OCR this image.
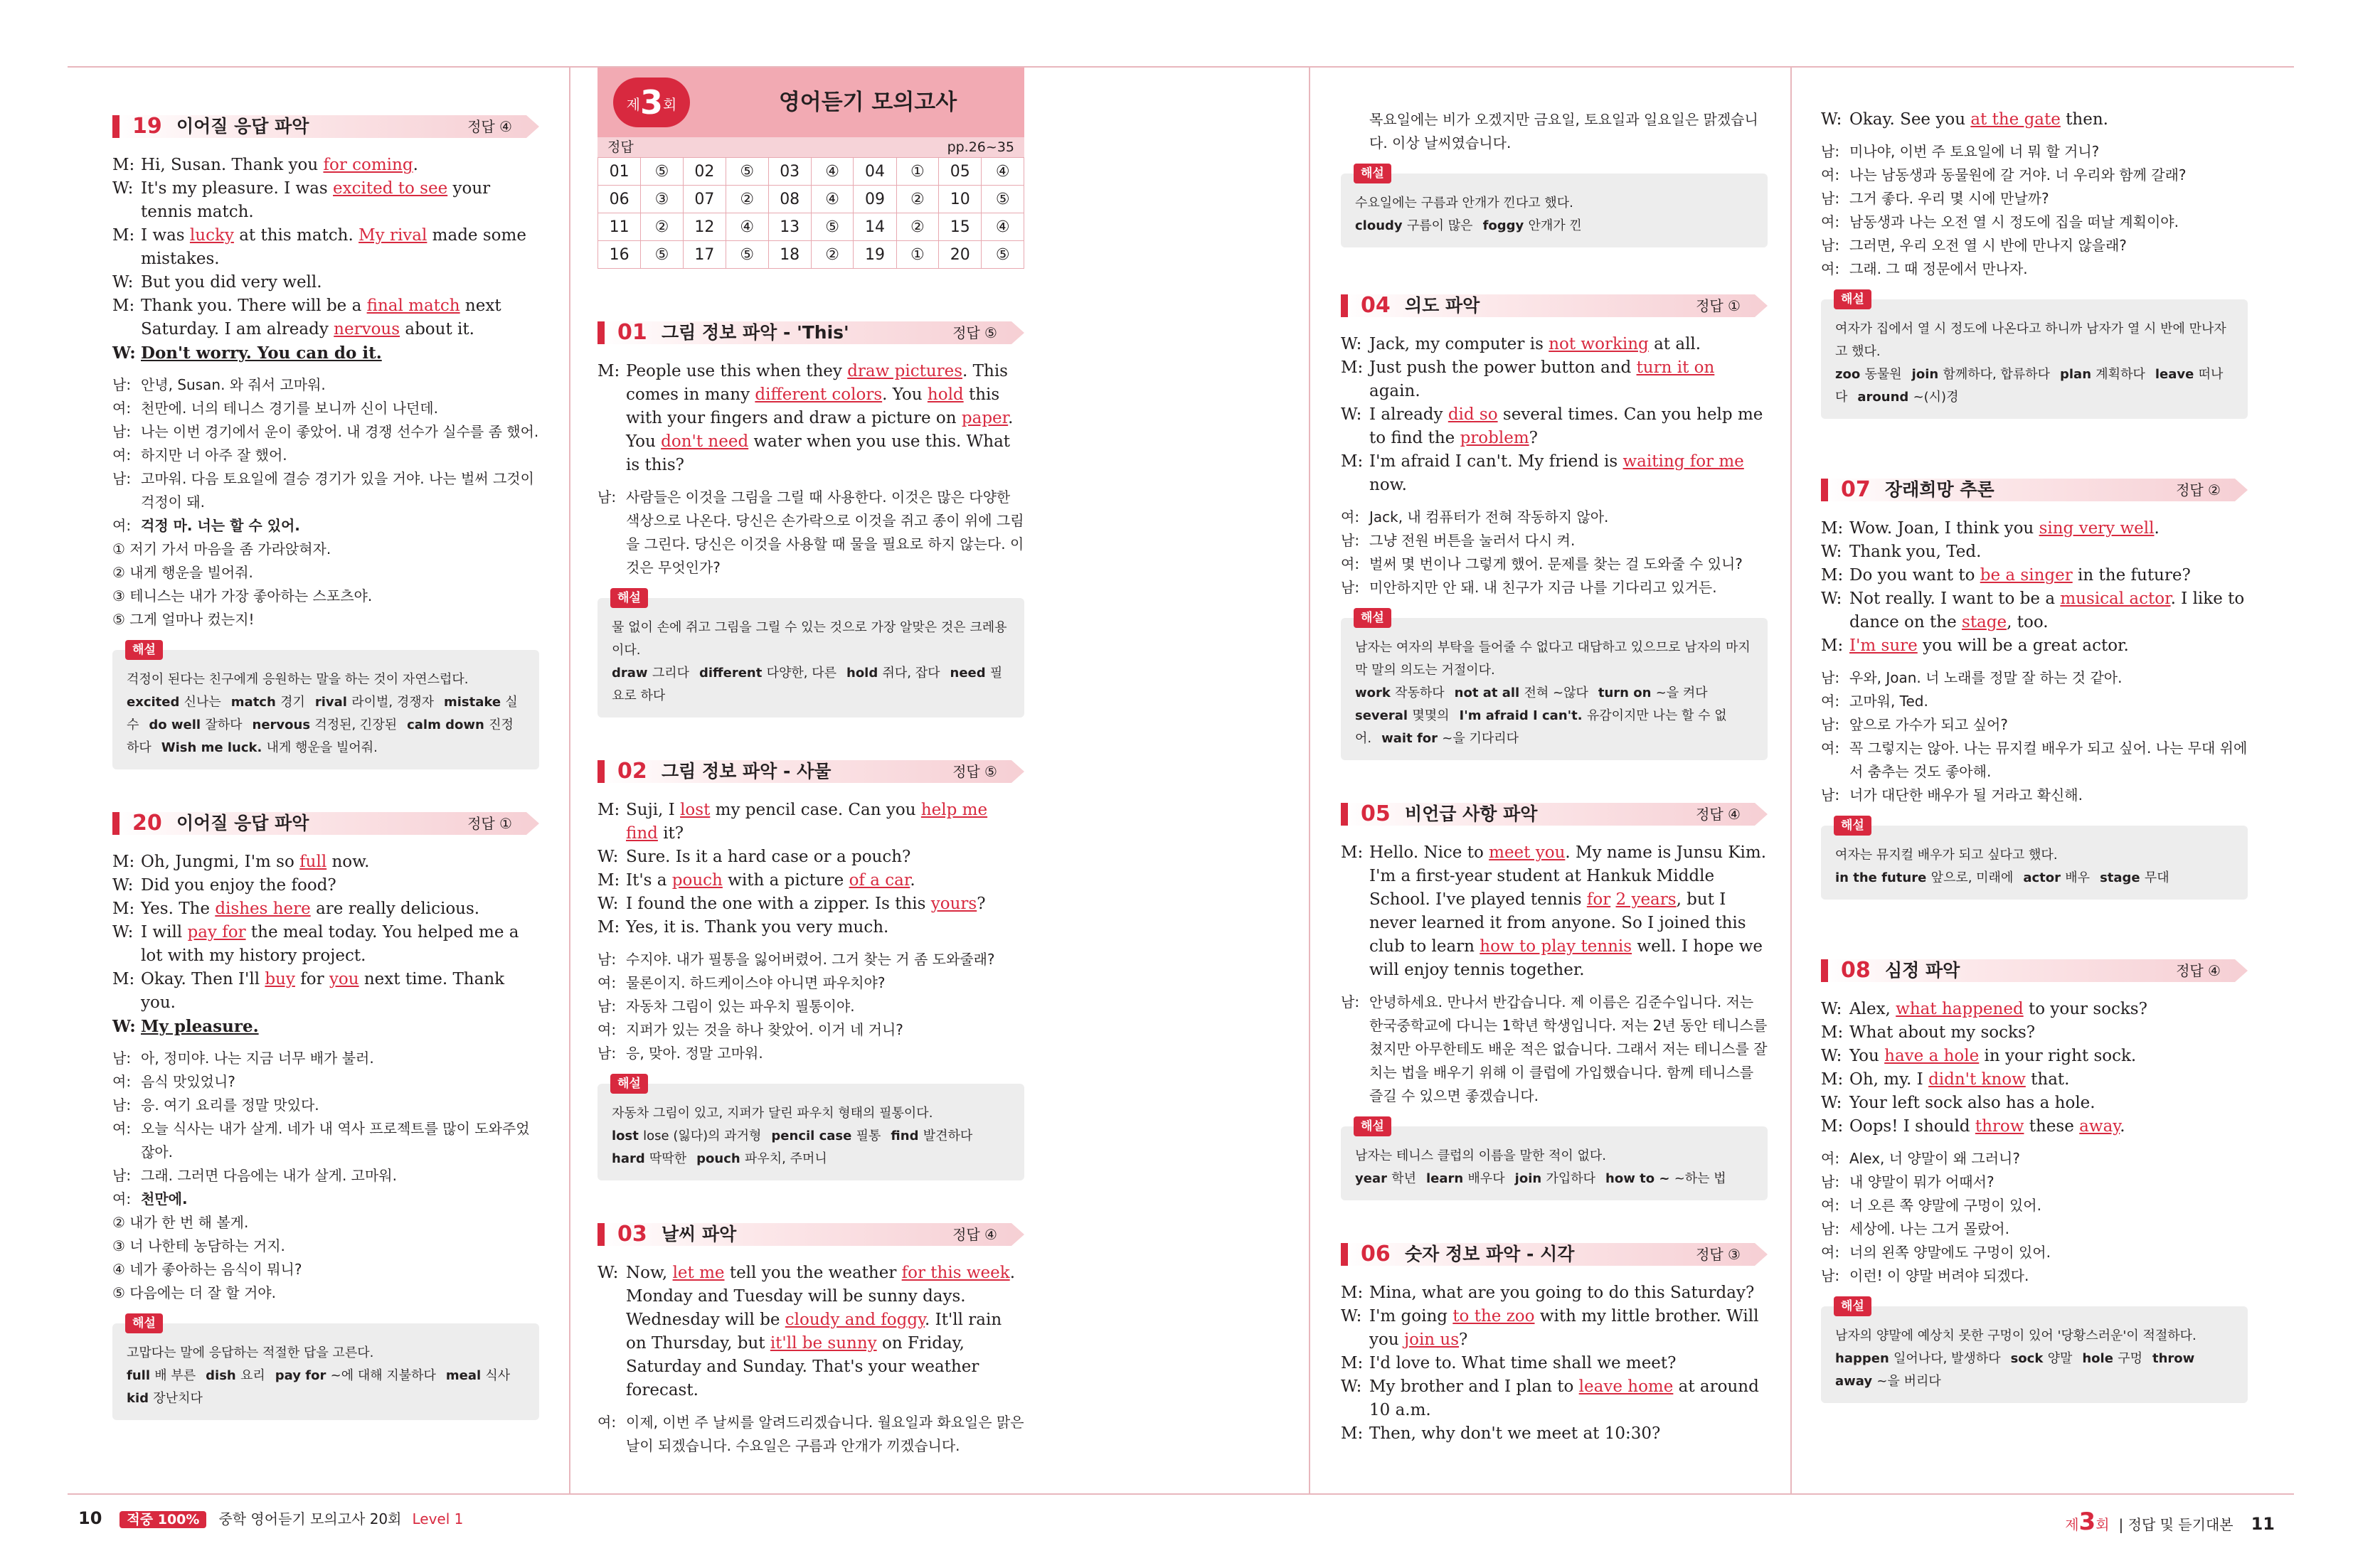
19 이어질 응답 파악	정답 ④

M: Hi, Susan. Thank you for coming.

W: It's my pleasure. I was excited to see your tennis match.

M: I was lucky at this match. My rival made some mistakes.

W: But you did very well.

M: Thank you. There will be a final match next Saturday. I am already nervous about it.

W: Don't worry. You can do it.

남: 안녕, Susan. 와 줘서 고마워.

여: 천만에. 너의 테니스 경기를 보니까 신이 나던데.

남: 나는 이번 경기에서 운이 좋았어. 내 경쟁 선수가 실수를 좀 했어.

여: 하지만 너 아주 잘 했어.

남: 고마워. 다음 토요일에 결승 경기가 있을 거야. 나는 벌써 그것이 걱정이 돼.

여: 걱정 마. 너는 할 수 있어.

① 저기 가서 마음을 좀 가라앉혀자.

② 내게 행운을 빌어줘.

③ 테니스는 내가 가장 좋아하는 스포츠야.

⑤ 그게 얼마나 컸는지!

해설
걱정이 된다는 친구에게 응원하는 말을 하는 것이 자연스럽다.
excited 신나는 match 경기 rival 라이벌, 경쟁자 mistake 실수 do well 잘하다 nervous 걱정된, 긴장된 calm down 진정하다 Wish me luck. 내게 행운을 빌어줘.
20 이어질 응답 파악	정답 ①

M: Oh, Jungmi, I'm so full now.

W: Did you enjoy the food?

M: Yes. The dishes here are really delicious.

W: I will pay for the meal today. You helped me a lot with my history project.

M: Okay. Then I'll buy for you next time. Thank you.

W: My pleasure.

남: 아, 정미야. 나는 지금 너무 배가 불러.

여: 음식 맛있었니?

남: 응. 여기 요리를 정말 맛있다.

여: 오늘 식사는 내가 살게. 네가 내 역사 프로젝트를 많이 도와주었잖아.

남: 그래. 그러면 다음에는 내가 살게. 고마워.

여: 천만에.

② 내가 한 번 해 볼게.

③ 너 나한테 농담하는 거지.

④ 네가 좋아하는 음식이 뭐니?

⑤ 다음에는 더 잘 할 거야.

해설
고맙다는 말에 응답하는 적절한 답을 고른다.
full 배 부른 dish 요리 pay for ~에 대해 지불하다 meal 식사kid 장난치다
제3회	영어듣기 모의고사
정답	pp.26~35
01	⑤	02	⑤	03	④	04	①	05	④
06	③	07	②	08	④	09	②	10	⑤
11	②	12	④	13	⑤	14	②	15	④
16	⑤	17	⑤	18	②	19	①	20	⑤
01 그림 정보 파악 - 'This'	정답 ⑤

M: People use this when they draw pictures. This comes in many different colors. You hold this with your fingers and draw a picture on paper. You don't need water when you use this. What is this?

남: 사람들은 이것을 그림을 그릴 때 사용한다. 이것은 많은 다양한 색상으로 나온다. 당신은 손가락으로 이것을 쥐고 종이 위에 그림을 그린다. 당신은 이것을 사용할 때 물을 필요로 하지 않는다. 이것은 무엇인가?

해설
물 없이 손에 쥐고 그림을 그릴 수 있는 것으로 가장 알맞은 것은 크레용이다.
draw 그리다 different 다양한, 다른 hold 쥐다, 잡다 need 필요로 하다
02 그림 정보 파악 - 사물	정답 ⑤

M: Suji, I lost my pencil case. Can you help me find it?

W: Sure. Is it a hard case or a pouch?

M: It's a pouch with a picture of a car.

W: I found the one with a zipper. Is this yours?

M: Yes, it is. Thank you very much.

남: 수지야. 내가 필통을 잃어버렸어. 그거 찾는 거 좀 도와줄래?

여: 물론이지. 하드케이스야 아니면 파우치야?

남: 자동차 그림이 있는 파우치 필통이야.

여: 지퍼가 있는 것을 하나 찾았어. 이거 네 거니?

남: 응, 맞아. 정말 고마워.

해설
자동차 그림이 있고, 지퍼가 달린 파우치 형태의 필통이다.
lost lose (잃다)의 과거형 pencil case 필통 find 발견하다hard 딱딱한 pouch 파우치, 주머니
03 날씨 파악	정답 ④

W: Now, let me tell you the weather for this week. Monday and Tuesday will be sunny days. Wednesday will be cloudy and foggy. It'll rain on Thursday, but it'll be sunny on Friday, Saturday and Sunday. That's your weather forecast.

여: 이제, 이번 주 날씨를 알려드리겠습니다. 월요일과 화요일은 맑은 날이 되겠습니다. 수요일은 구름과 안개가 끼겠습니다.

목요일에는 비가 오겠지만 금요일, 토요일과 일요일은 맑겠습니다. 이상 날씨였습니다.

해설
수요일에는 구름과 안개가 낀다고 했다.
cloudy 구름이 많은 foggy 안개가 낀
04 의도 파악	정답 ①

W: Jack, my computer is not working at all.

M: Just push the power button and turn it on again.

W: I already did so several times. Can you help me to find the problem?

M: I'm afraid I can't. My friend is waiting for me now.

여: Jack, 내 컴퓨터가 전혀 작동하지 않아.

남: 그냥 전원 버튼을 눌러서 다시 켜.

여: 벌써 몇 번이나 그렇게 했어. 문제를 찾는 걸 도와줄 수 있니?

남: 미안하지만 안 돼. 내 친구가 지금 나를 기다리고 있거든.

해설
남자는 여자의 부탁을 들어줄 수 없다고 대답하고 있으므로 남자의 마지막 말의 의도는 거절이다.
work 작동하다 not at all 전혀 ~않다 turn on ~을 켜다several 몇몇의 I'm afraid I can't. 유감이지만 나는 할 수 없어. wait for ~을 기다리다
05 비언급 사항 파악	정답 ④

M: Hello. Nice to meet you. My name is Junsu Kim. I'm a first-year student at Hankuk Middle School. I've played tennis for 2 years, but I never learned it from anyone. So I joined this club to learn how to play tennis well. I hope we will enjoy tennis together.

남: 안녕하세요. 만나서 반갑습니다. 제 이름은 김준수입니다. 저는 한국중학교에 다니는 1학년 학생입니다. 저는 2년 동안 테니스를 쳤지만 아무한테도 배운 적은 없습니다. 그래서 저는 테니스를 잘 치는 법을 배우기 위해 이 클럽에 가입했습니다. 함께 테니스를 즐길 수 있으면 좋겠습니다.

해설
남자는 테니스 클럽의 이름을 말한 적이 없다.
year 학년 learn 배우다 join 가입하다 how to ~ ~하는 법
06 숫자 정보 파악 - 시각	정답 ③

M: Mina, what are you going to do this Saturday?

W: I'm going to the zoo with my little brother. Will you join us?

M: I'd love to. What time shall we meet?

W: My brother and I plan to leave home at around 10 a.m.

M: Then, why don't we meet at 10:30?

W: Okay. See you at the gate then.

남: 미나야, 이번 주 토요일에 너 뭐 할 거니?

여: 나는 남동생과 동물원에 갈 거야. 너 우리와 함께 갈래?

남: 그거 좋다. 우리 몇 시에 만날까?

여: 남동생과 나는 오전 열 시 정도에 집을 떠날 계획이야.

남: 그러면, 우리 오전 열 시 반에 만나지 않을래?

여: 그래. 그 때 정문에서 만나자.

해설
여자가 집에서 열 시 정도에 나온다고 하니까 남자가 열 시 반에 만나자고 했다.
zoo 동물원 join 함께하다, 합류하다 plan 계획하다 leave 떠나다 around ~(시)경
07 장래희망 추론	정답 ②

M: Wow. Joan, I think you sing very well.

W: Thank you, Ted.

M: Do you want to be a singer in the future?

W: Not really. I want to be a musical actor. I like to dance on the stage, too.

M: I'm sure you will be a great actor.

남: 우와, Joan. 너 노래를 정말 잘 하는 것 같아.

여: 고마워, Ted.

남: 앞으로 가수가 되고 싶어?

여: 꼭 그렇지는 않아. 나는 뮤지컬 배우가 되고 싶어. 나는 무대 위에서 춤추는 것도 좋아해.

남: 너가 대단한 배우가 될 거라고 확신해.

해설
여자는 뮤지컬 배우가 되고 싶다고 했다.
in the future 앞으로, 미래에 actor 배우 stage 무대
08 심정 파악	정답 ④

W: Alex, what happened to your socks?

M: What about my socks?

W: You have a hole in your right sock.

M: Oh, my. I didn't know that.

W: Your left sock also has a hole.

M: Oops! I should throw these away.

여: Alex, 너 양말이 왜 그러니?

남: 내 양말이 뭐가 어때서?

여: 너 오른 쪽 양말에 구멍이 있어.

남: 세상에. 나는 그거 몰랐어.

여: 너의 왼쪽 양말에도 구멍이 있어.

남: 이런! 이 양말 버려야 되겠다.

해설
남자의 양말에 예상치 못한 구멍이 있어 '당황스러운'이 적절하다.
happen 일어나다, 발생하다 sock 양말 hole 구멍 throw away ~을 버리다
10 적중 100% 중학 영어듣기 모의고사 20회 Level 1	제3회 | 정답 및 듣기대본 11
